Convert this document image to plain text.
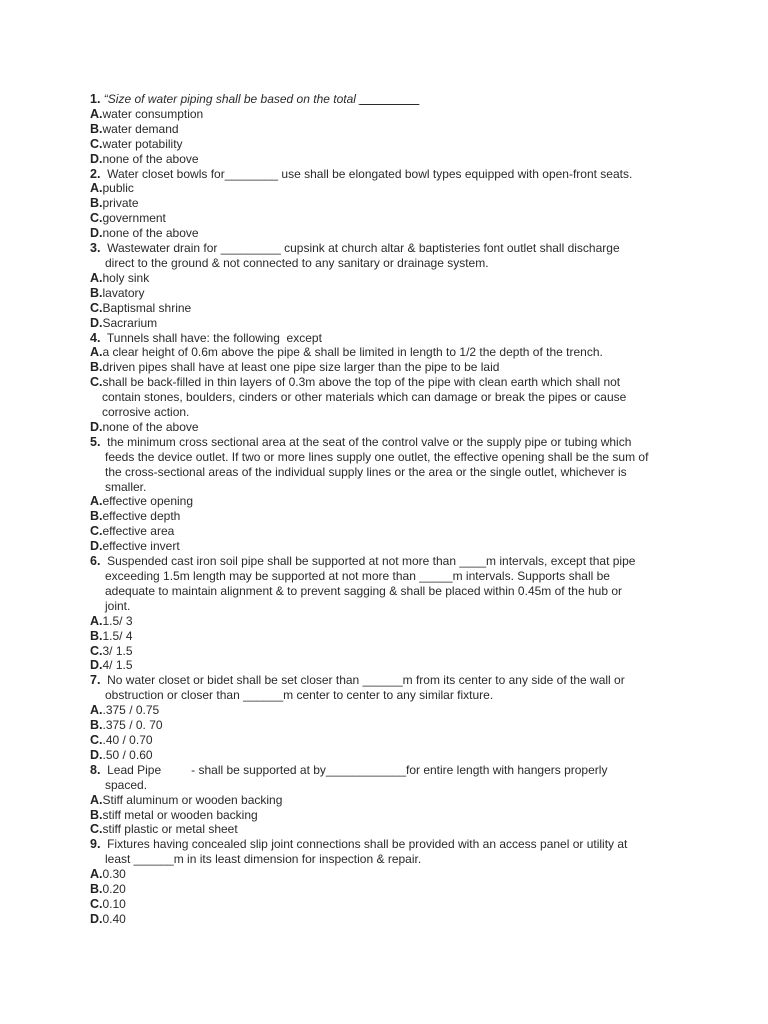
1. “Size of water piping shall be based on the total _________
A.water consumption
B.water demand
C.water potability
D.none of the above
2.  Water closet bowls for________ use shall be elongated bowl types equipped with open-front seats.
A.public
B.private
C.government
D.none of the above
3.  Wastewater drain for _________ cupsink at church altar & baptisteries font outlet shall discharge
direct to the ground & not connected to any sanitary or drainage system.
A.holy sink
B.lavatory
C.Baptismal shrine
D.Sacrarium
4.  Tunnels shall have: the following  except
A.a clear height of 0.6m above the pipe & shall be limited in length to 1/2 the depth of the trench.
B.driven pipes shall have at least one pipe size larger than the pipe to be laid
C.shall be back-filled in thin layers of 0.3m above the top of the pipe with clean earth which shall not
contain stones, boulders, cinders or other materials which can damage or break the pipes or cause
corrosive action.
D.none of the above
5.  the minimum cross sectional area at the seat of the control valve or the supply pipe or tubing which
feeds the device outlet. If two or more lines supply one outlet, the effective opening shall be the sum of
the cross-sectional areas of the individual supply lines or the area or the single outlet, whichever is
smaller.
A.effective opening
B.effective depth
C.effective area
D.effective invert
6.  Suspended cast iron soil pipe shall be supported at not more than ____m intervals, except that pipe
exceeding 1.5m length may be supported at not more than _____m intervals. Supports shall be
adequate to maintain alignment & to prevent sagging & shall be placed within 0.45m of the hub or
joint.
A.1.5/ 3
B.1.5/ 4
C.3/ 1.5
D.4/ 1.5
7.  No water closet or bidet shall be set closer than ______m from its center to any side of the wall or
obstruction or closer than ______m center to center to any similar fixture.
A..375 / 0.75
B..375 / 0. 70
C..40 / 0.70
D..50 / 0.60
8.  Lead Pipe         - shall be supported at by____________for entire length with hangers properly
spaced.
A.Stiff aluminum or wooden backing
B.stiff metal or wooden backing
C.stiff plastic or metal sheet
9.  Fixtures having concealed slip joint connections shall be provided with an access panel or utility at
least ______m in its least dimension for inspection & repair.
A.0.30
B.0.20
C.0.10
D.0.40
